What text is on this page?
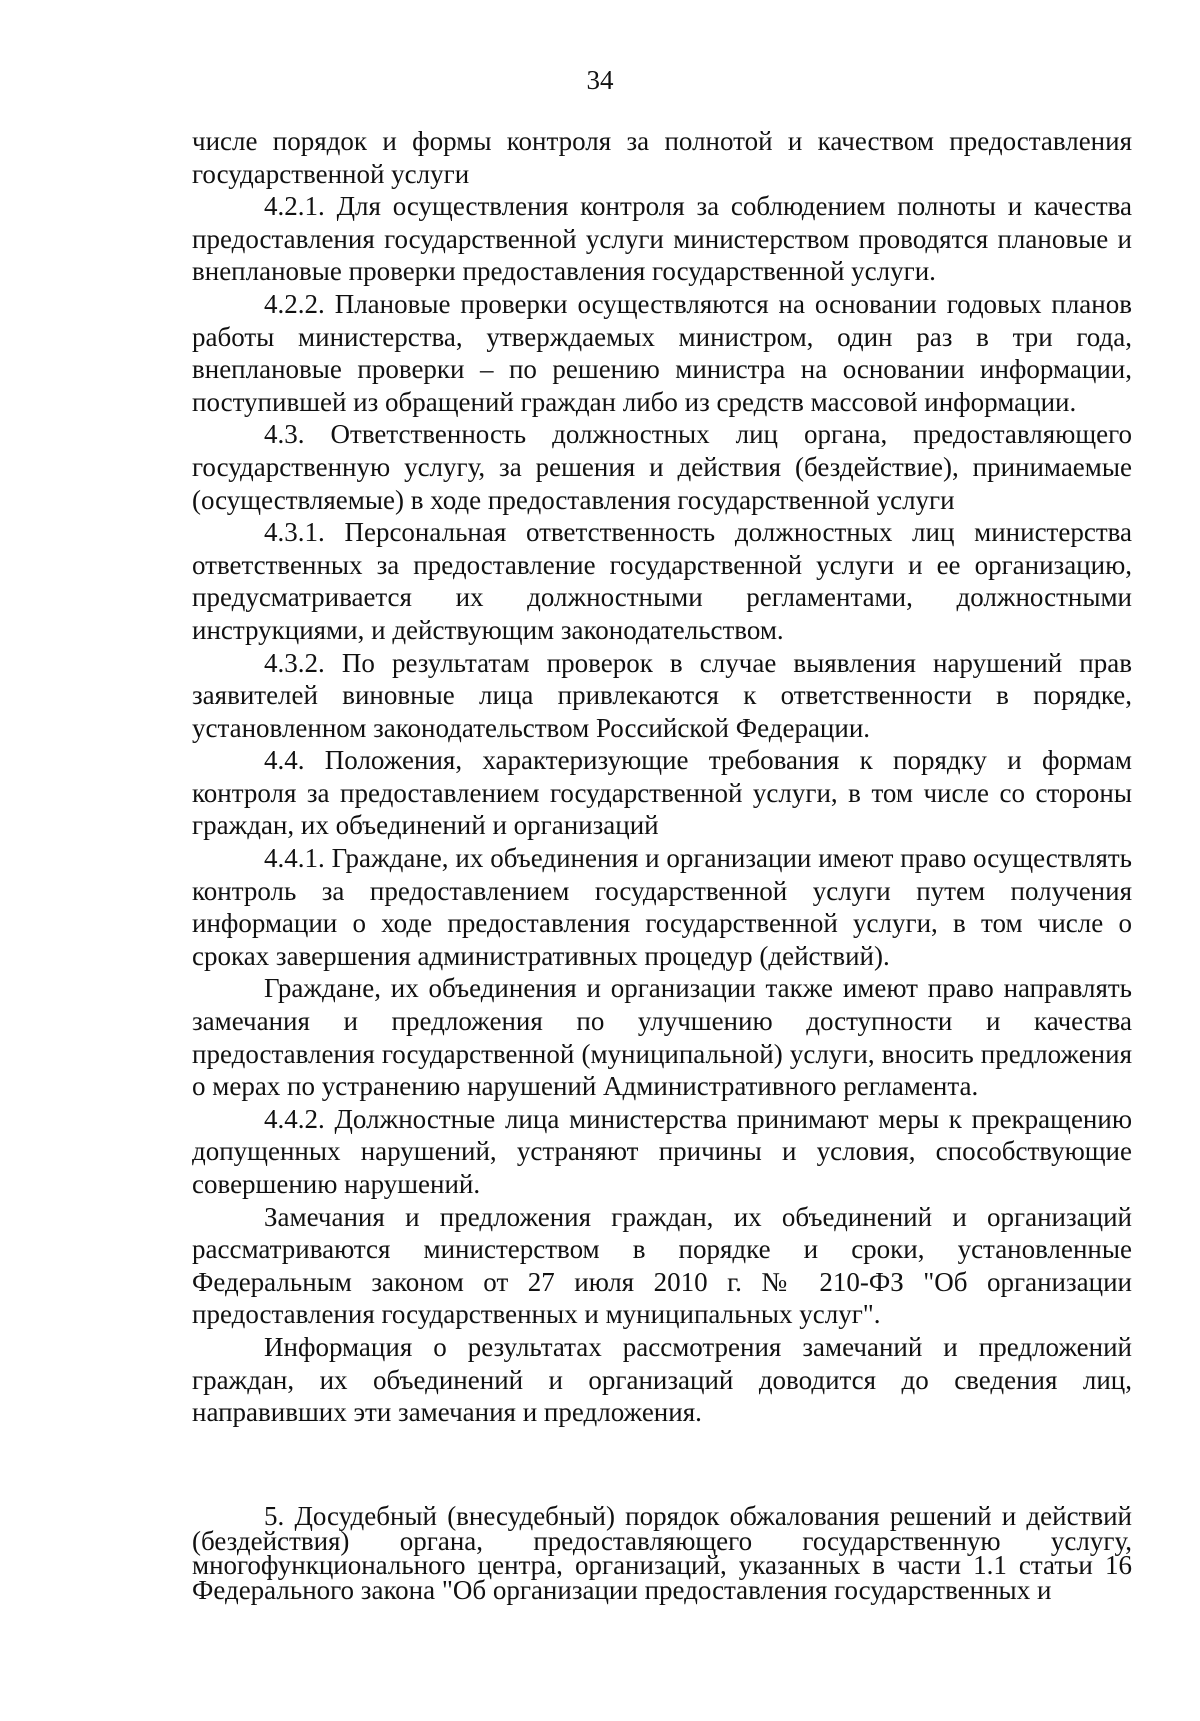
34

числе порядок и формы контроля за полнотой и качеством предоставления государственной услуги

4.2.1. Для осуществления контроля за соблюдением полноты и качества предоставления государственной услуги министерством проводятся плановые и внеплановые проверки предоставления государственной услуги.

4.2.2. Плановые проверки осуществляются на основании годовых планов работы министерства, утверждаемых министром, один раз в три года, внеплановые проверки – по решению министра на основании информации, поступившей из обращений граждан либо из средств массовой информации.

4.3. Ответственность должностных лиц органа, предоставляющего государственную услугу, за решения и действия (бездействие), принимаемые (осуществляемые) в ходе предоставления государственной услуги

4.3.1. Персональная ответственность должностных лиц министерства ответственных за предоставление государственной услуги и ее организацию, предусматривается их должностными регламентами, должностными инструкциями, и действующим законодательством.

4.3.2. По результатам проверок в случае выявления нарушений прав заявителей виновные лица привлекаются к ответственности в порядке, установленном законодательством Российской Федерации.

4.4. Положения, характеризующие требования к порядку и формам контроля за предоставлением государственной услуги, в том числе со стороны граждан, их объединений и организаций

4.4.1. Граждане, их объединения и организации имеют право осуществлять контроль за предоставлением государственной услуги путем получения информации о ходе предоставления государственной услуги, в том числе о сроках завершения административных процедур (действий).

Граждане, их объединения и организации также имеют право направлять замечания и предложения по улучшению доступности и качества предоставления государственной (муниципальной) услуги, вносить предложения о мерах по устранению нарушений Административного регламента.

4.4.2. Должностные лица министерства принимают меры к прекращению допущенных нарушений, устраняют причины и условия, способствующие совершению нарушений.

Замечания и предложения граждан, их объединений и организаций рассматриваются министерством в порядке и сроки, установленные Федеральным законом от 27 июля 2010 г. № 210-ФЗ "Об организации предоставления государственных и муниципальных услуг".

Информация о результатах рассмотрения замечаний и предложений граждан, их объединений и организаций доводится до сведения лиц, направивших эти замечания и предложения.

5. Досудебный (внесудебный) порядок обжалования решений и действий (бездействия) органа, предоставляющего государственную услугу, многофункционального центра, организаций, указанных в части 1.1 статьи 16 Федерального закона "Об организации предоставления государственных и
